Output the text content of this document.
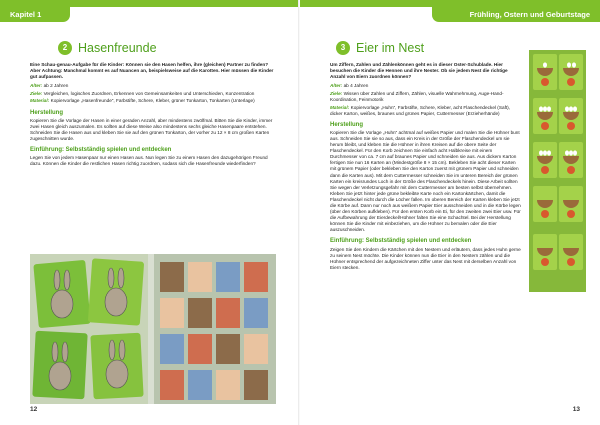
Kapitel 1
2 Hasenfreunde
Eine Schau-genau-Aufgabe für die Kinder: Können sie den Hasen helfen, ihre (gleichen) Partner zu finden? Aber Achtung: Manchmal kommt es auf Nuancen an, beispielsweise auf die Karotten. Hier müssen die Kinder gut aufpassen.
Alter: ab 2 Jahren
Ziele: Vergleichen, logisches Zuordnen, Erkennen von Gemeinsamkeiten und Unterschieden, Konzentration
Material: Kopiervorlage „Hasenfreunde“, Farbstifte, Schere, Kleber, grüner Tonkarton, Tonkarten (Unterlage)
Herstellung
Kopieren Sie die Vorlage der Hasen in einer geraden Anzahl, aber mindestens zwölfmal. Bitten Sie die Kinder, immer zwei Hasen gleich auszumalen. Es sollten auf diese Weise also mindestens sechs gleiche Hasenpaare entstehen. Schneiden Sie die Hasen aus und kleben Sie sie auf den grünen Tonkarton, der vorher zu 12 × 8 cm großen Karten zugeschnitten wurde.
Einführung: Selbstständig spielen und entdecken
Legen Sie von jedem Hasenpaar nur einen Hasen aus. Nun legen Sie zu einem Hasen den dazugehörigen Freund dazu. Können die Kinder die restlichen Hasen richtig zuordnen, sodass sich die Hasenfreunde wiederfinden?
12
Frühling, Ostern und Geburtstage
3 Eier im Nest
Um Ziffern, Zahlen und Zählenkönnen geht es in dieser Oster-Schublade. Hier besuchen die Kinder die Hennen und ihre Nester. Ob sie jedem Nest die richtige Anzahl von Eiern zuordnen können?
Alter: ab 4 Jahren
Ziele: Wissen über Zahlen und Ziffern, Zählen, visuelle Wahrnehmung, Auge-Hand-Koordination, Feinmotorik
Material: Kopiervorlage „Huhn“, Farbstifte, Schere, Kleber, acht Flaschendeckel (Saft), dicker Karton, weißes, braunes und grünes Papier, Cuttermesser (Erzieherhände)
Herstellung
Kopieren Sie die Vorlage „Huhn“ achtmal auf weißes Papier und malen Sie die Hühner bunt aus. Schneiden Sie sie so aus, dass ein Kreis in der Größe der Flaschendeckel um sie herum bleibt, und kleben Sie die Hühner in ihren Kreisen auf die obere Seite der Flaschendeckel. Für den Korb zeichnen Sie einfach acht Halbkreise mit einem Durchmesser von ca. 7 cm auf braunes Papier und schneiden sie aus. Aus dickem Karton fertigen Sie nun 16 Karten an (Mindestgröße 8 × 15 cm). Bekleben Sie acht dieser Karten mit grünem Papier (oder bekleben Sie den Karton zuerst mit grünem Papier und schneiden dann die Karten aus). Mit dem Cuttermesser schneiden Sie im unteren Bereich der grünen Karten ein kreisrundes Loch in der Größe des Flaschendeckels hinein. Diese Arbeit sollten Sie wegen der Verletzungsgefahr mit dem Cuttermesser am besten selbst übernehmen. Kleben Sie jetzt hinter jede grüne bekleibte Karte noch ein Kartonkärtchen, damit die Flaschendeckel nicht durch die Löcher fallen. Im oberen Bereich der Karten kleben Sie jetzt die Körbe auf. Dann nur noch aus weißem Papier Eier ausschneiden und in die Körbe legen (über den Körben aufkleben). Für den ersten Korb ein Ei, für den zweiten zwei Eier usw. Für die Aufbewahrung der Eierdeckel/Hühner falten Sie eine Schachtel. Bei der Herstellung können Sie die Kinder mit einbeziehen, um die Hühner zu bemalen oder die Eier auszuschneiden.
Einführung: Selbstständig spielen und entdecken
Zeigen Sie den Kindern die Kärtchen mit den Nestern und erläutern, dass jedes Huhn gerne zu seinem Nest möchte. Die Kinder können nun die Eier in den Nestern zählen und die Hühner entsprechend der aufgezeichneten Ziffer unter das Nest mit derselben Anzahl von Eiern stecken.
13
